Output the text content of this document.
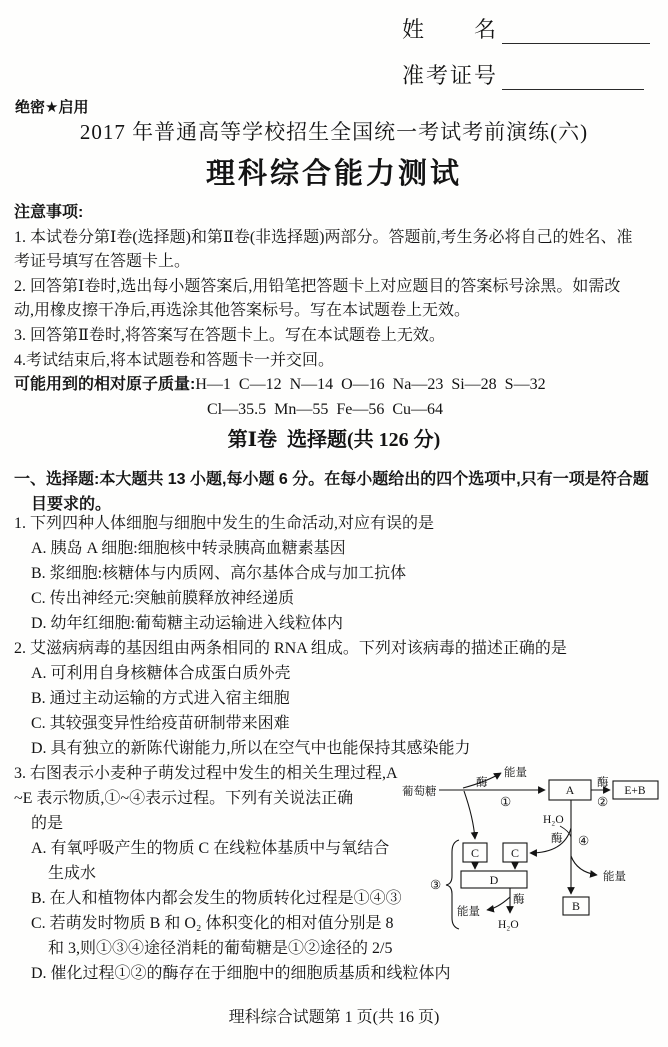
姓　　名
准考证号
绝密★启用
2017 年普通高等学校招生全国统一考试考前演练(六)
理科综合能力测试
注意事项:
1. 本试卷分第Ⅰ卷(选择题)和第Ⅱ卷(非选择题)两部分。答题前,考生务必将自己的姓名、准
考证号填写在答题卡上。
2. 回答第Ⅰ卷时,选出每小题答案后,用铅笔把答题卡上对应题目的答案标号涂黑。如需改
动,用橡皮擦干净后,再选涂其他答案标号。写在本试题卷上无效。
3. 回答第Ⅱ卷时,将答案写在答题卡上。写在本试题卷上无效。
4.考试结束后,将本试题卷和答题卡一并交回。
可能用到的相对原子质量:H—1  C—12  N—14  O—16  Na—23  Si—28  S—32
Cl—35.5  Mn—55  Fe—56  Cu—64
第Ⅰ卷  选择题(共 126 分)
一、选择题:本大题共 13 小题,每小题 6 分。在每小题给出的四个选项中,只有一项是符合题
目要求的。
1. 下列四种人体细胞与细胞中发生的生命活动,对应有误的是
A. 胰岛 A 细胞:细胞核中转录胰高血糖素基因
B. 浆细胞:核糖体与内质网、高尔基体合成与加工抗体
C. 传出神经元:突触前膜释放神经递质
D. 幼年红细胞:葡萄糖主动运输进入线粒体内
2. 艾滋病病毒的基因组由两条相同的 RNA 组成。下列对该病毒的描述正确的是
A. 可利用自身核糖体合成蛋白质外壳
B. 通过主动运输的方式进入宿主细胞
C. 其较强变异性给疫苗研制带来困难
D. 具有独立的新陈代谢能力,所以在空气中也能保持其感染能力
3. 右图表示小麦种子萌发过程中发生的相关生理过程,A
~E 表示物质,①~④表示过程。下列有关说法正确
的是
A. 有氧呼吸产生的物质 C 在线粒体基质中与氧结合
生成水
B. 在人和植物体内都会发生的物质转化过程是①④③
C. 若萌发时物质 B 和 O₂ 体积变化的相对值分别是 8
和 3,则①③④途径消耗的葡萄糖是①②途径的 2/5
D. 催化过程①②的酶存在于细胞中的细胞质基质和线粒体内
葡萄糖
酶
能量
①
酶
②
H₂O
酶 ④
③
酶
能量
H₂O
能量
A	E+B
C	C
D
B
理科综合试题第 1 页(共 16 页)
